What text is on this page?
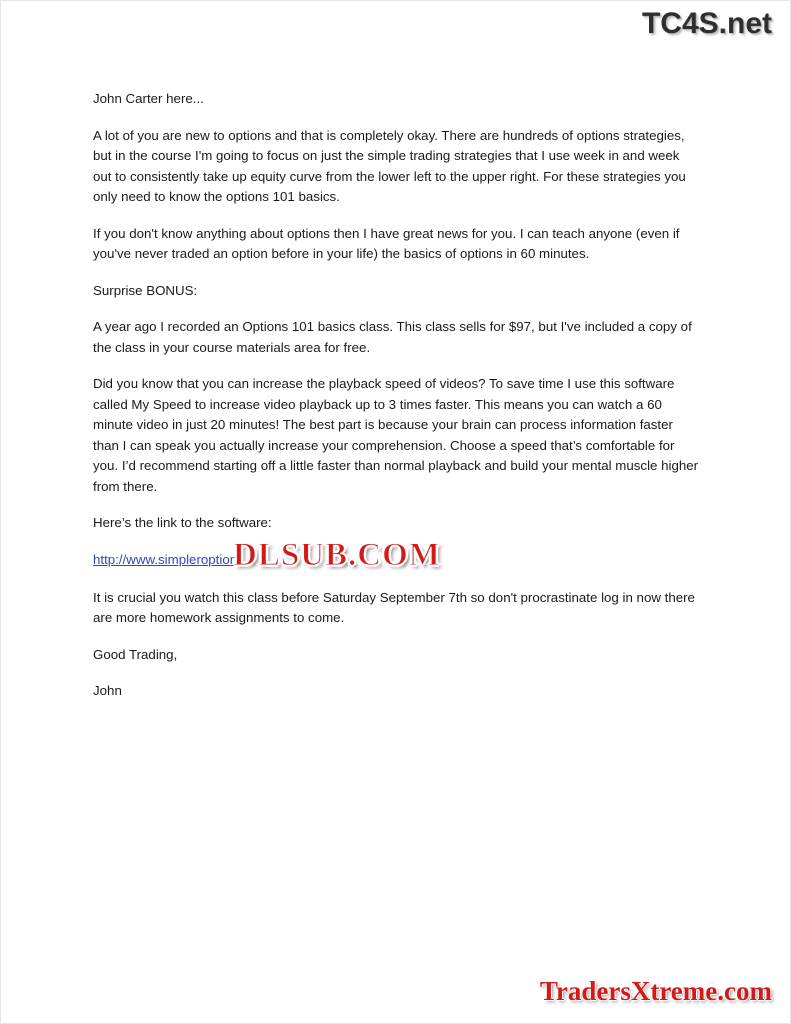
TC4S.net

John Carter here...

A lot of you are new to options and that is completely okay. There are hundreds of options strategies, but in the course I'm going to focus on just the simple trading strategies that I use week in and week out to consistently take up equity curve from the lower left to the upper right. For these strategies you only need to know the options 101 basics.

If you don't know anything about options then I have great news for you. I can teach anyone (even if you've never traded an option before in your life) the basics of options in 60 minutes.

Surprise BONUS:

A year ago I recorded an Options 101 basics class. This class sells for $97, but I've included a copy of the class in your course materials area for free.

Did you know that you can increase the playback speed of videos? To save time I use this software called My Speed to increase video playback up to 3 times faster. This means you can watch a 60 minute video in just 20 minutes! The best part is because your brain can process information faster than I can speak you actually increase your comprehension. Choose a speed that’s comfortable for you. I’d recommend starting off a little faster than normal playback and build your mental muscle higher from there.

Here’s the link to the software:

http://www.simpleroptions.
DLSUB.COM

It is crucial you watch this class before Saturday September 7th so don't procrastinate log in now there are more homework assignments to come.

Good Trading,

John

TradersXtreme.com
